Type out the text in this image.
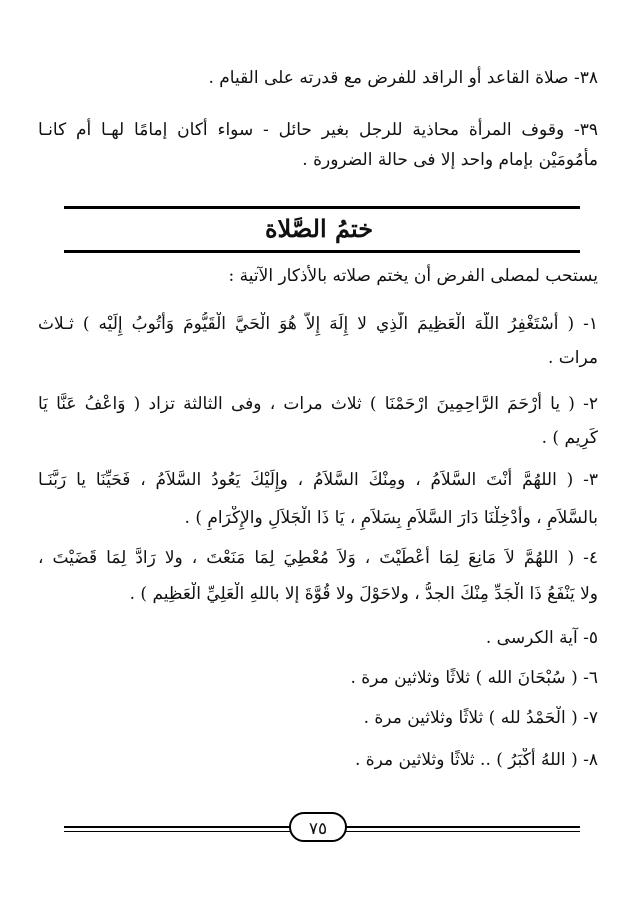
٣٨- صلاة القاعد أو الراقد للفرض مع قدرته على القيام .
٣٩- وقوف المرأة محاذية للرجل بغير حائل - سواء أكان إمامًا لهـا أم كانـا
مأمُومَيْن بإمام واحد إلا فى حالة الضرورة .
ختمُ الصَّلاة
يستحب لمصلى الفرض أن يختم صلاته بالأذكار الآتية :
١- ( أَسْتَغْفِرُ اللَّهَ الْعَظِيمَ الَّذِي لا إِلَهَ إِلاَّ هُوَ الْحَيَّ الْقَيُّومَ وَأَتُوبُ إِلَيْه ) ثـلاث
مرات .
٢- ( يا أَرْحَمَ الرَّاحِمِينَ ارْحَمْنَا ) ثلاث مرات ، وفى الثالثة تزاد ( وَاعْفُ عَنَّا يَا
كَرِيم ) .
٣- ( اللهُمَّ أَنْتَ السَّلاَمُ ، ومِنْكَ السَّلاَمُ ، وإِلَيْكَ يَعُودُ السَّلاَمُ ، فَحَيِّنَا يا رَبَّنَـا
بالسَّلاَمِ ، وأَدْخِلْنَا دَارَ السَّلاَمِ بِسَلاَمٍ ، يَا ذَا الْجَلاَلِ والإِكْرَامِ ) .
٤- ( اللهُمَّ لاَ مَانِعَ لِمَا أَعْطَيْتَ ، وَلاَ مُعْطِيَ لِمَا مَنَعْتَ ، ولا رَادَّ لِمَا قَضَيْتَ ،
ولا يَنْفَعُ ذَا الْجَدِّ مِنْكَ الجدُّ ، ولاحَوْلَ ولا قُوَّةَ إلا باللهِ الْعَلِيِّ الْعَظِيم ) .
٥- آية الكرسى .
٦- ( سُبْحَانَ الله ) ثلاثًا وثلاثين مرة .
٧- ( الْحَمْدُ لله ) ثلاثًا وثلاثين مرة .
٨- ( اللهُ أَكْبَرُ ) .. ثلاثًا وثلاثين مرة .
٧٥
